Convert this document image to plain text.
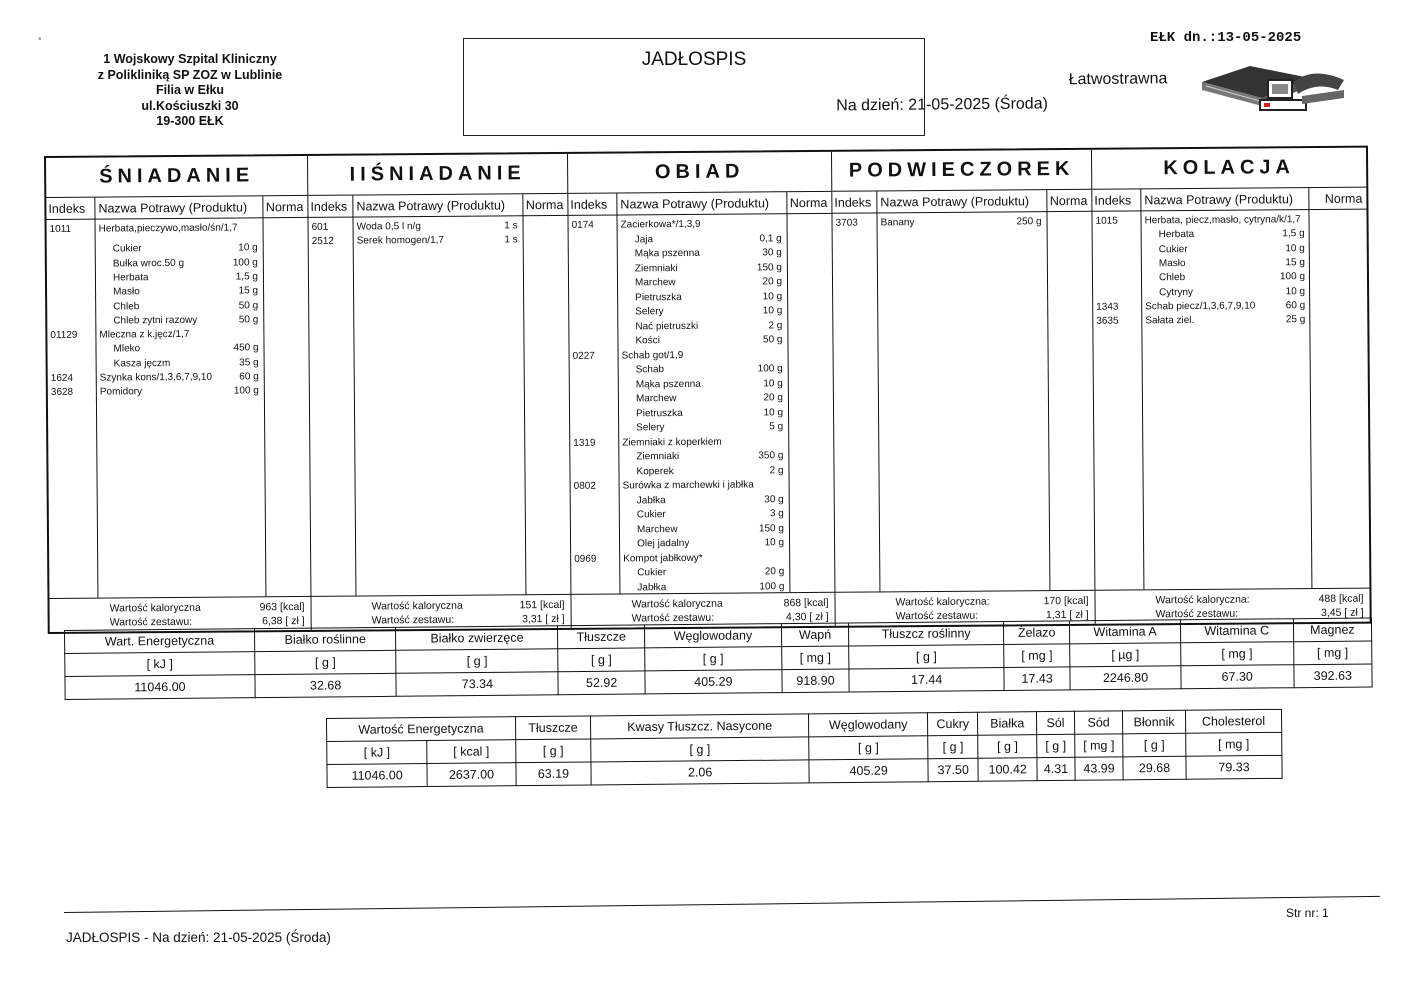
•
1 Wojskowy Szpital Kliniczny
z Polikliniką SP ZOZ w Lublinie
Filia w Ełku
ul.Kościuszki 30
19-300 EŁK
JADŁOSPIS
Łatwostrawna
Na dzień: 21-05-2025 (Środa)
EŁK dn.:13-05-2025
ŚNIADANIE
Indeks Nazwa Potrawy (Produktu) Norma
1011	Herbata,pieczywo,masło/śn/1,7
Cukier	10 g
Bułka wroc.50 g	100 g
Herbata	1,5 g
Masło	15 g
Chleb	50 g
Chleb zytni razowy	50 g
01129 Mleczna z k.jęcz/1,7
Mleko	450 g
Kasza jęczm	35 g
1624	Szynka kons/1,3,6,7,9,10	60 g
3628	Pomidory	100 g
Wartość kaloryczna	963 [kcal]
Wartość zestawu:	6,38 [ zł ]
IIŚNIADANIE
Indeks Nazwa Potrawy (Produktu) Norma
601	Woda 0,5 l n/g	1 s
2512 Serek homogen/1,7	1 s
Wartość kaloryczna	151 [kcal]
Wartość zestawu:	3,31 [ zł ]
OBIAD
Indeks Nazwa Potrawy (Produktu) Norma
0174	Zacierkowa*/1,3,9
Jaja	0,1 g
Mąka pszenna	30 g
Ziemniaki	150 g
Marchew	20 g
Pietruszka	10 g
Selery	10 g
Nać pietruszki	2 g
Kości	50 g
0227	Schab got/1,9
Schab	100 g
Mąka pszenna	10 g
Marchew	20 g
Pietruszka	10 g
Selery	5 g
1319	Ziemniaki z koperkiem
Ziemniaki	350 g
Koperek	2 g
0802	Surówka z marchewki i jabłka
Jabłka	30 g
Cukier	3 g
Marchew	150 g
Olej jadalny	10 g
0969	Kompot jabłkowy*
Cukier	20 g
Jabłka	100 g
Wartość kaloryczna	868 [kcal]
Wartość zestawu:	4,30 [ zł ]
PODWIECZOREK
Indeks Nazwa Potrawy (Produktu) Norma
3703 Banany	250 g
Wartość kaloryczna:	170 [kcal]
Wartość zestawu:	1,31 [ zł ]
KOLACJA
Indeks Nazwa Potrawy (Produktu)	Norma
1015	Herbata, piecz,masło, cytryna/k/1,7
Herbata	1,5 g
Cukier	10 g
Masło	15 g
Chleb	100 g
Cytryny	10 g
1343	Schab piecz/1,3,6,7,9,10	60 g
3635	Sałata ziel.	25 g
Wartość kaloryczna:	488 [kcal]
Wartość zestawu:	3,45 [ zł ]
Wart. Energetyczna	Białko roślinne	Białko zwierzęce	Tłuszcze	Węglowodany	Wapń	Tłuszcz roślinny	Żelazo	Witamina A	Witamina C	Magnez
[ kJ ]	[ g ]	[ g ]	[ g ]	[ g ]	[ mg ]	[ g ]	[ mg ]	[ µg ]	[ mg ]	[ mg ]
11046.00	32.68	73.34	52.92	405.29	918.90	17.44	17.43	2246.80	67.30	392.63
Wartość Energetyczna		Tłuszcze	Kwasy Tłuszcz. Nasycone	Węglowodany	Cukry	Białka	Sól	Sód	Błonnik	Cholesterol
[ kJ ]	[ kcal ]	[ g ]	[ g ]	[ g ]	[ g ]	[ g ]	[ g ]	[ mg ]	[ g ]	[ mg ]
11046.00	2637.00	63.19	2.06	405.29	37.50	100.42	4.31	43.99	29.68	79.33
JADŁOSPIS - Na dzień: 21-05-2025 (Środa)
Str nr: 1
